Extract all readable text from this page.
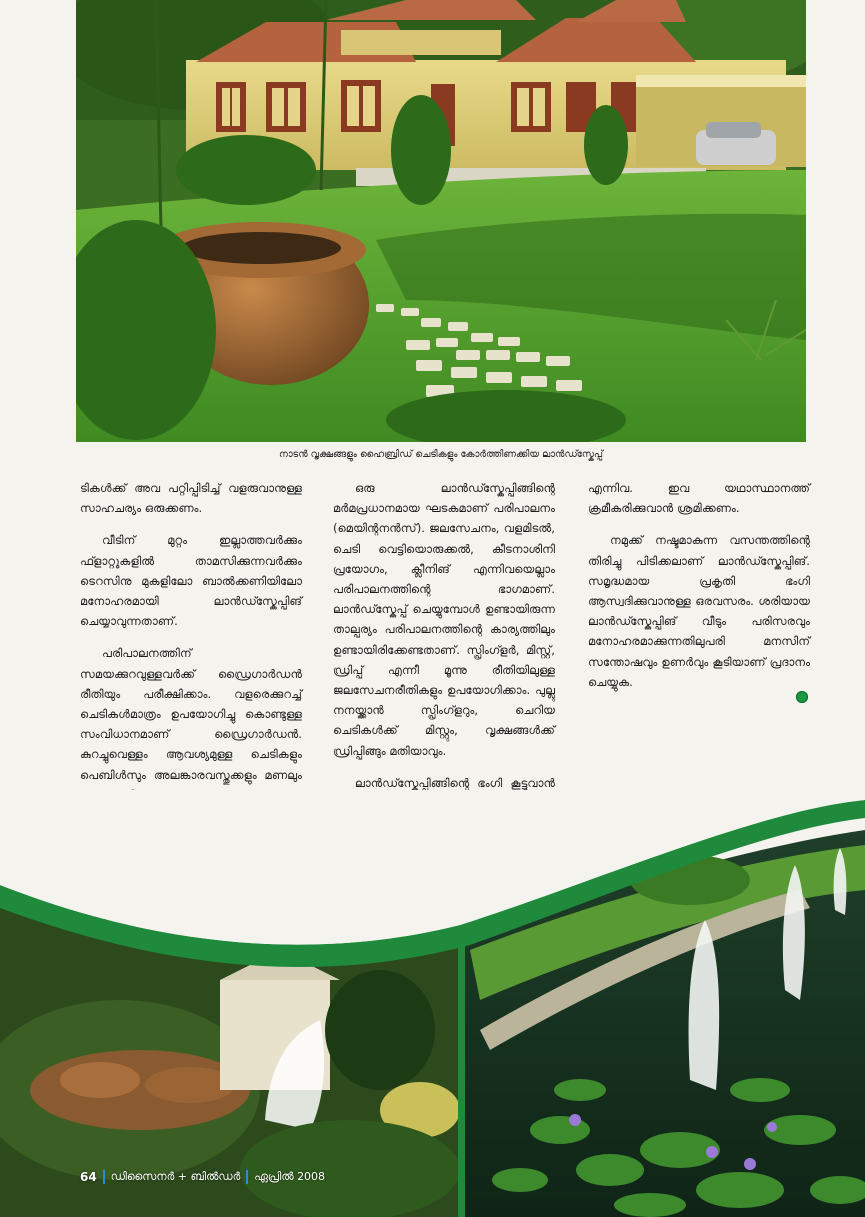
നാടൻ വൃക്ഷങ്ങളും ഹൈബ്രിഡ് ചെടികളും കോർത്തിണക്കിയ ലാൻഡ്സ്കേപ്പ്

ടികൾക്ക് അവ പറ്റിപ്പിടിച്ച് വളരുവാനുള്ള സാഹചര്യം ഒരുക്കണം.

വീടിന് മുറ്റം ഇല്ലാത്തവർക്കും ഫ്ളാറ്റുകളിൽ താമസിക്കുന്നവർക്കും ടെറസിനു മുകളിലോ ബാൽക്കണിയിലോ മനോഹരമായി ലാൻഡ്സ്കേപ്പിങ് ചെയ്യാവുന്നതാണ്.

പരിപാലനത്തിന് സമയക്കുറവുള്ളവർക്ക് ഡ്രൈഗാർഡൻ രീതിയും പരീക്ഷിക്കാം. വളരെക്കുറച്ച് ചെടികൾമാത്രം ഉപയോഗിച്ചു കൊണ്ടുള്ള സംവിധാനമാണ് ഡ്രൈഗാർഡൻ. കുറച്ചുവെള്ളം ആവശ്യമുള്ള ചെടികളും പെബിൾസും അലങ്കാരവസ്തുക്കളും മണലും

ഒരു ലാൻഡ്സ്കേപ്പിങ്ങിന്റെ മർമപ്രധാനമായ ഘടകമാണ് പരിപാലനം (മെയിന്റനൻസ്). ജലസേചനം, വളമിടൽ, ചെടി വെട്ടിയൊരുക്കൽ, കീടനാശിനി പ്രയോഗം, ക്ലീനിങ് എന്നിവയെല്ലാം പരിപാലനത്തിന്റെ ഭാഗമാണ്. ലാൻഡ്സ്കേപ്പ് ചെയ്യുമ്പോൾ ഉണ്ടായിരുന്ന താല്പര്യം പരിപാലനത്തിന്റെ കാര്യത്തിലും ഉണ്ടായിരിക്കേണ്ടതാണ്. സ്പ്രിംഗ്ളർ, മിസ്റ്റ്, ഡ്രിപ്പ് എന്നീ മൂന്നു രീതിയിലുള്ള ജലസേചനരീതികളും ഉപയോഗിക്കാം. പുല്ലു നനയ്ക്കാൻ സ്പ്രിംഗ്ളറും, ചെറിയ ചെടികൾക്ക് മിസ്റ്റും, വൃക്ഷങ്ങൾക്ക് ഡ്രിപ്പിങ്ങും മതിയാവും.

ലാൻഡ്സ്കേപ്പിങ്ങിന്റെ ഭംഗി കൂട്ടുവാൻ

എന്നിവ. ഇവ യഥാസ്ഥാനത്ത് ക്രമീകരിക്കുവാൻ ശ്രമിക്കണം.

നമുക്ക് നഷ്ടമാകുന്ന വസന്തത്തിന്റെ തിരിച്ചു പിടിക്കലാണ് ലാൻഡ്സ്കേപ്പിങ്. സമൃദ്ധമായ പ്രകൃതി ഭംഗി ആസ്വദിക്കുവാനുള്ള ഒരവസരം. ശരിയായ ലാൻഡ്സ്കേപ്പിങ് വീടും പരിസരവും മനോഹരമാക്കുന്നതിലുപരി മനസിന് സന്തോഷവും ഉണർവും കൂടിയാണ് പ്രദാനം ചെയ്യുക.

64 ഡിസൈനർ + ബിൽഡർ ഏപ്രിൽ 2008
